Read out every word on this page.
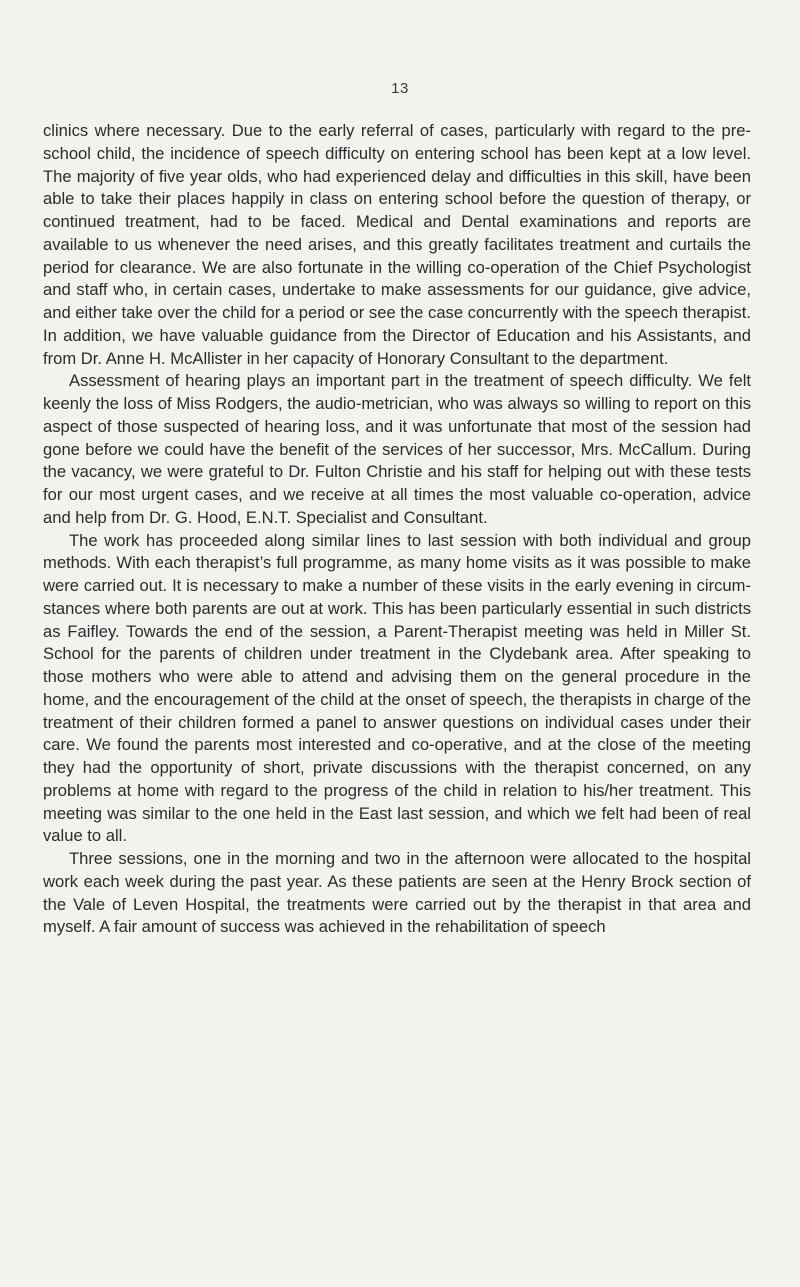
13

clinics where necessary. Due to the early referral of cases, particularly with regard to the pre-school child, the incidence of speech difficulty on entering school has been kept at a low level. The majority of five year olds, who had experienced delay and difficulties in this skill, have been able to take their places happily in class on entering school before the question of therapy, or continued treatment, had to be faced. Medical and Dental examinations and reports are available to us whenever the need arises, and this greatly facilitates treatment and curtails the period for clearance. We are also fortunate in the willing co-operation of the Chief Psychologist and staff who, in certain cases, undertake to make assessments for our guidance, give advice, and either take over the child for a period or see the case concurrently with the speech therapist. In addition, we have valuable guidance from the Director of Education and his Assistants, and from Dr. Anne H. McAllister in her capacity of Honorary Consultant to the department.

Assessment of hearing plays an important part in the treatment of speech difficulty. We felt keenly the loss of Miss Rodgers, the audio-metrician, who was always so willing to report on this aspect of those suspected of hearing loss, and it was unfortunate that most of the session had gone before we could have the benefit of the services of her successor, Mrs. McCallum. During the vacancy, we were grateful to Dr. Fulton Christie and his staff for helping out with these tests for our most urgent cases, and we receive at all times the most valuable co-operation, advice and help from Dr. G. Hood, E.N.T. Specialist and Consultant.

The work has proceeded along similar lines to last session with both individual and group methods. With each therapist’s full programme, as many home visits as it was possible to make were carried out. It is necessary to make a number of these visits in the early evening in circum-stances where both parents are out at work. This has been particularly essential in such districts as Faifley. Towards the end of the session, a Parent-Therapist meeting was held in Miller St. School for the parents of children under treatment in the Clydebank area. After speaking to those mothers who were able to attend and advising them on the general procedure in the home, and the encouragement of the child at the onset of speech, the therapists in charge of the treatment of their children formed a panel to answer questions on individual cases under their care. We found the parents most interested and co-operative, and at the close of the meeting they had the opportunity of short, private discussions with the therapist concerned, on any problems at home with regard to the progress of the child in relation to his/her treatment. This meeting was similar to the one held in the East last session, and which we felt had been of real value to all.

Three sessions, one in the morning and two in the afternoon were allocated to the hospital work each week during the past year. As these patients are seen at the Henry Brock section of the Vale of Leven Hospital, the treatments were carried out by the therapist in that area and myself. A fair amount of success was achieved in the rehabilitation of speech
